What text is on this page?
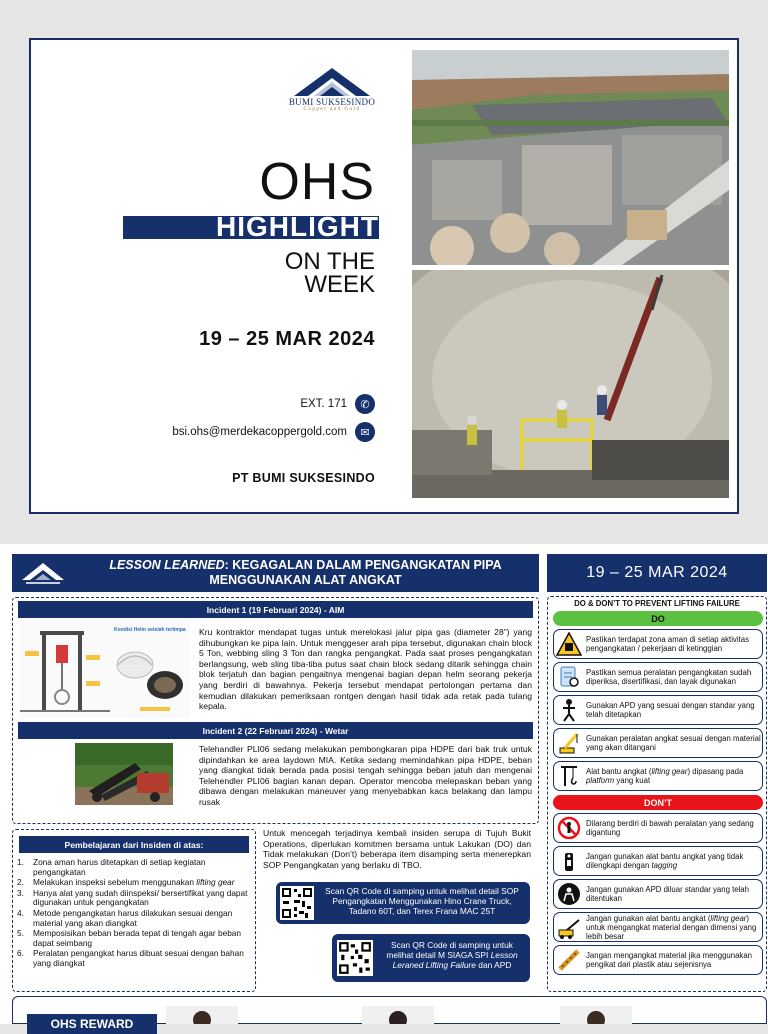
BUMI SUKSESINDO
Copper and Gold
OHS
HIGHLIGHT
ON THE
WEEK
19 – 25 MAR 2024
EXT. 171	✆
bsi.ohs@merdekacoppergold.com	✉
PT BUMI SUKSESINDO
LESSON LEARNED: KEGAGALAN DALAM PENGANGKATAN PIPA
MENGGUNAKAN ALAT ANGKAT	19 – 25 MAR 2024
Incident 1 (19 Februari 2024) - AIM
Kondisi Helm setelah tertimpa Kru kontraktor mendapat tugas untuk merelokasi jalur pipa gas (diameter 28”) yang dihubungkan ke pipa lain. Untuk menggeser arah pipa tersebut, digunakan chain block 5 Ton, webbing sling 3 Ton dan rangka pengangkat. Pada saat proses pengangkatan berlangsung, web sling tiba-tiba putus saat chain block sedang ditarik sehingga chain blok terjatuh dan bagian pengaitnya mengenai bagian depan helm seorang pekerja yang berdiri di bawahnya. Pekerja tersebut mendapat pertolongan pertama dan kemudian dilakukan pemeriksaan rontgen dengan hasil tidak ada retak pada tulang kepala.
Incident 2 (22 Februari 2024) - Wetar
Telehandler PLI06 sedang melakukan pembongkaran pipa HDPE dari bak truk untuk dipindahkan ke area laydown MIA. Ketika sedang memindahkan pipa HDPE, beban yang diangkat tidak berada pada posisi tengah sehingga beban jatuh dan mengenai Telehendler PLI06 bagian kanan depan. Operator mencoba melepaskan beban yang dibawa dengan melakukan maneuver yang menyebabkan kaca belakang dan lampu rusak
Pembelajaran dari Insiden di atas:
1.	Zona aman harus ditetapkan di setiap kegiatan pengangkatan
2.	Melakukan inspeksi sebelum menggunakan lifting gear
3.	Hanya alat yang sudah diinspeksi/ bersertifikat yang dapat digunakan untuk pengangkatan
4.	Metode pengangkatan harus dilakukan sesuai dengan material yang akan diangkat
5.	Memposisikan beban berada tepat di tengah agar beban dapat seimbang
6.	Peralatan pengangkat harus dibuat sesuai dengan bahan yang diangkat
Untuk mencegah terjadinya kembali insiden serupa di Tujuh Bukit Operations, diperlukan komitmen bersama untuk Lakukan (DO) dan Tidak melakukan (Don’t) beberapa item disamping serta menerepkan SOP Pengangkatan yang berlaku di TBO.
Scan QR Code di samping untuk melihat detail SOP Pengangkatan Menggunakan Hino Crane Truck, Tadano 60T, dan Terex Frana MAC 25T
Scan QR Code di samping untuk melihat detail M SIAGA SPI Lesson Leraned Lifting Failure dan APD
DO & DON’T TO PREVENT LIFTING FAILURE
DO
Pastikan terdapat zona aman di setiap aktivitas pengangkatan / pekerjaan di ketinggian
Pastikan semua peralatan pengangkatan sudah diperiksa, disertifikasi, dan layak digunakan
Gunakan APD yang sesuai dengan standar yang telah ditetapkan
Gunakan peralatan angkat sesuai dengan material yang akan ditangani
Alat bantu angkat (lifting gear) dipasang pada platform yang kuat
DON’T
Dilarang berdiri di bawah peralatan yang sedang digantung
Jangan gunakan alat bantu angkat yang tidak dilengkapi dengan tagging
Jangan gunakan APD diluar standar yang telah ditentukan
Jangan gunakan alat bantu angkat (lifting gear) untuk mengangkat material dengan dimensi yang lebih besar
Jangan mengangkat material jika menggunakan pengikat dari plastik atau sejenisnya
OHS REWARD
